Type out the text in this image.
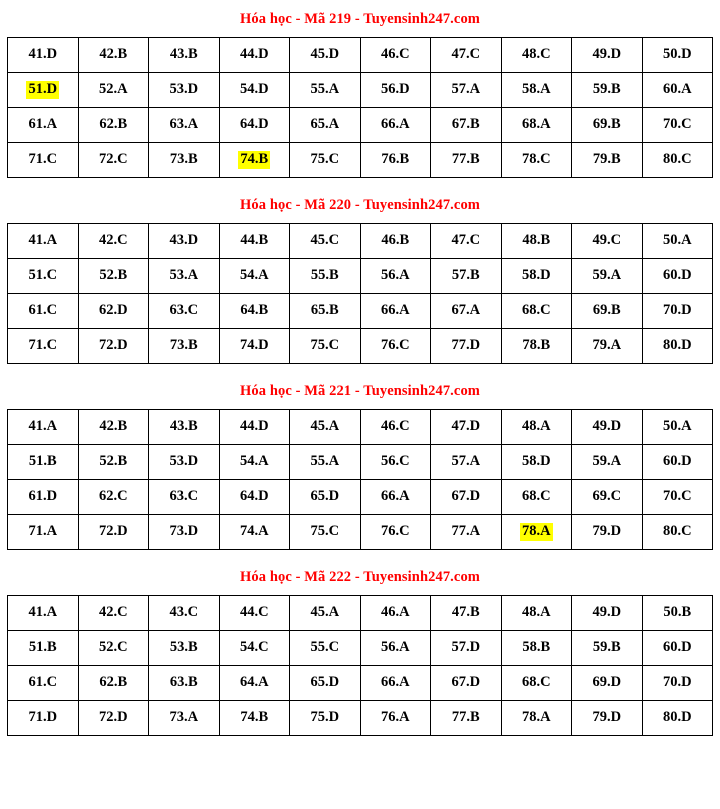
Hóa học - Mã 219 - Tuyensinh247.com
41.D	42.B	43.B	44.D	45.D	46.C	47.C	48.C	49.D	50.D
51.D	52.A	53.D	54.D	55.A	56.D	57.A	58.A	59.B	60.A
61.A	62.B	63.A	64.D	65.A	66.A	67.B	68.A	69.B	70.C
71.C	72.C	73.B	74.B	75.C	76.B	77.B	78.C	79.B	80.C
Hóa học - Mã 220 - Tuyensinh247.com
41.A	42.C	43.D	44.B	45.C	46.B	47.C	48.B	49.C	50.A
51.C	52.B	53.A	54.A	55.B	56.A	57.B	58.D	59.A	60.D
61.C	62.D	63.C	64.B	65.B	66.A	67.A	68.C	69.B	70.D
71.C	72.D	73.B	74.D	75.C	76.C	77.D	78.B	79.A	80.D
Hóa học - Mã 221 - Tuyensinh247.com
41.A	42.B	43.B	44.D	45.A	46.C	47.D	48.A	49.D	50.A
51.B	52.B	53.D	54.A	55.A	56.C	57.A	58.D	59.A	60.D
61.D	62.C	63.C	64.D	65.D	66.A	67.D	68.C	69.C	70.C
71.A	72.D	73.D	74.A	75.C	76.C	77.A	78.A	79.D	80.C
Hóa học - Mã 222 - Tuyensinh247.com
41.A	42.C	43.C	44.C	45.A	46.A	47.B	48.A	49.D	50.B
51.B	52.C	53.B	54.C	55.C	56.A	57.D	58.B	59.B	60.D
61.C	62.B	63.B	64.A	65.D	66.A	67.D	68.C	69.D	70.D
71.D	72.D	73.A	74.B	75.D	76.A	77.B	78.A	79.D	80.D
